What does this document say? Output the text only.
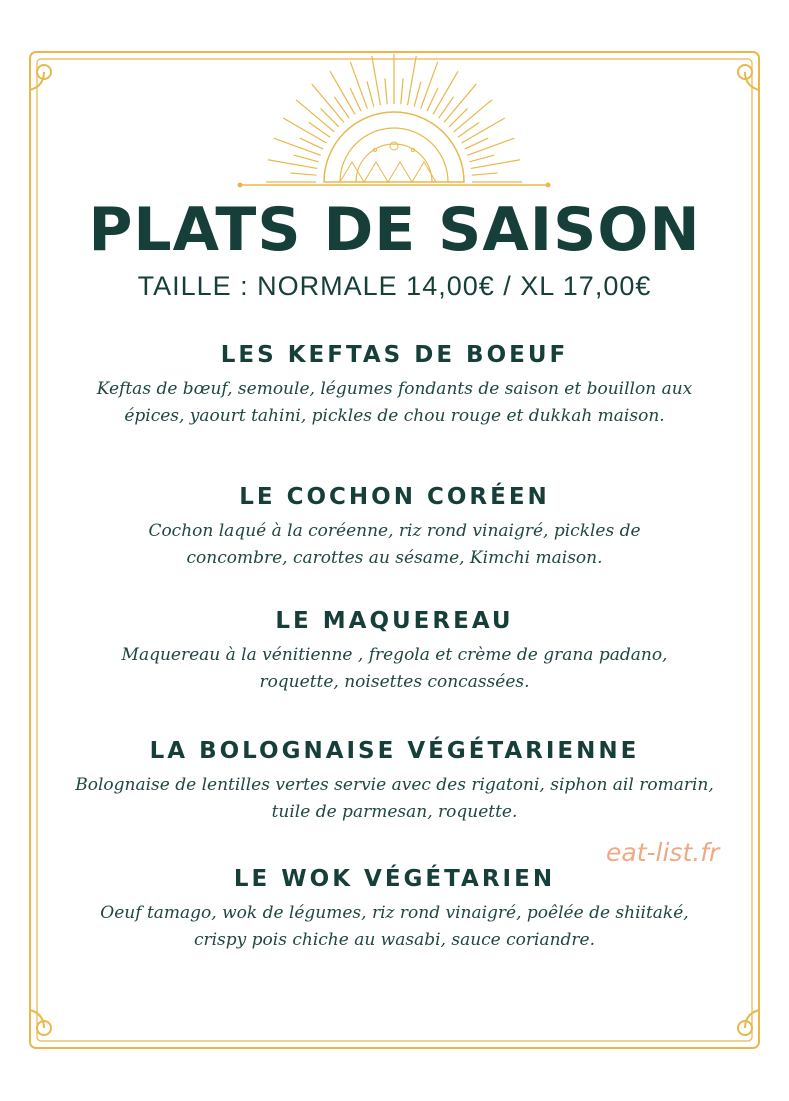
PLATS DE SAISON
TAILLE : NORMALE 14,00€ / XL 17,00€
LES KEFTAS DE BOEUF

Keftas de bœuf, semoule, légumes fondants de saison et bouillon aux épices, yaourt tahini, pickles de chou rouge et dukkah maison.

LE COCHON CORÉEN

Cochon laqué à la coréenne, riz rond vinaigré, pickles de concombre, carottes au sésame, Kimchi maison.

LE MAQUEREAU

Maquereau à la vénitienne , fregola et crème de grana padano, roquette, noisettes concassées.

LA BOLOGNAISE VÉGÉTARIENNE

Bolognaise de lentilles vertes servie avec des rigatoni, siphon ail romarin, tuile de parmesan, roquette.

LE WOK VÉGÉTARIEN

Oeuf tamago, wok de légumes, riz rond vinaigré, poêlée de shiitaké, crispy pois chiche au wasabi, sauce coriandre.

eat-list.fr
